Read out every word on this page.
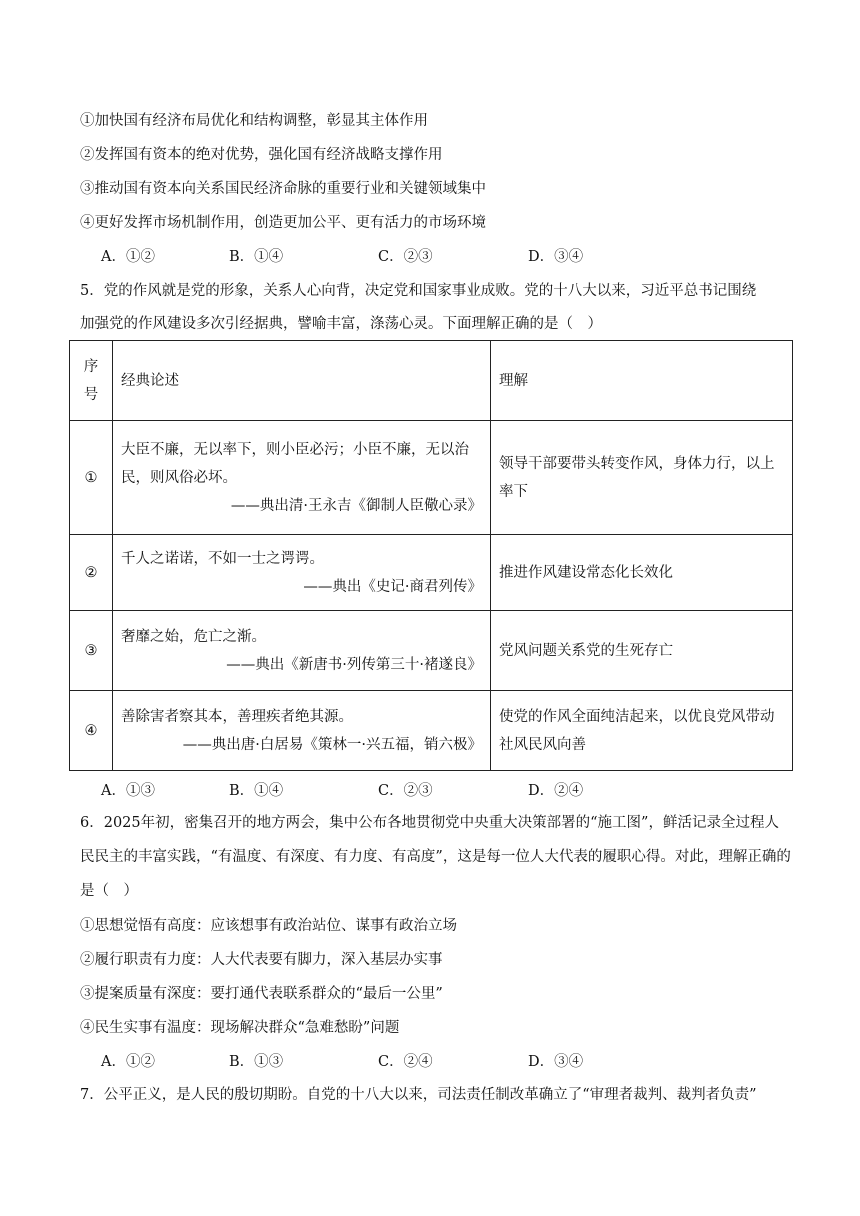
①加快国有经济布局优化和结构调整，彰显其主体作用
②发挥国有资本的绝对优势，强化国有经济战略支撑作用
③推动国有资本向关系国民经济命脉的重要行业和关键领域集中
④更好发挥市场机制作用，创造更加公平、更有活力的市场环境
A．①②	B．①④	C．②③	D．③④
5．党的作风就是党的形象，关系人心向背，决定党和国家事业成败。党的十八大以来，习近平总书记围绕
加强党的作风建设多次引经据典，譬喻丰富，涤荡心灵。下面理解正确的是（　）
序号	经典论述	理解
①	大臣不廉，无以率下，则小臣必污；小臣不廉，无以治
民，则风俗必坏。
——典出清·王永吉《御制人臣儆心录》	领导干部要带头转变作风，身体力行，以上率下
②	千人之诺诺，不如一士之谔谔。
——典出《史记·商君列传》	推进作风建设常态化长效化
③	奢靡之始，危亡之渐。
——典出《新唐书·列传第三十·褚遂良》	党风问题关系党的生死存亡
④	善除害者察其本，善理疾者绝其源。
——典出唐·白居易《策林一·兴五福，销六极》	使党的作风全面纯洁起来，以优良党风带动社风民风向善
A．①③	B．①④	C．②③	D．②④
6．2025年初，密集召开的地方两会，集中公布各地贯彻党中央重大决策部署的“施工图”，鲜活记录全过程人民民主的丰富实践，“有温度、有深度、有力度、有高度”，这是每一位人大代表的履职心得。对此，理解正确的是（　）
①思想觉悟有高度：应该想事有政治站位、谋事有政治立场
②履行职责有力度：人大代表要有脚力，深入基层办实事
③提案质量有深度：要打通代表联系群众的“最后一公里”
④民生实事有温度：现场解决群众“急难愁盼”问题
A．①②	B．①③	C．②④	D．③④
7．公平正义，是人民的殷切期盼。自党的十八大以来，司法责任制改革确立了“审理者裁判、裁判者负责”
